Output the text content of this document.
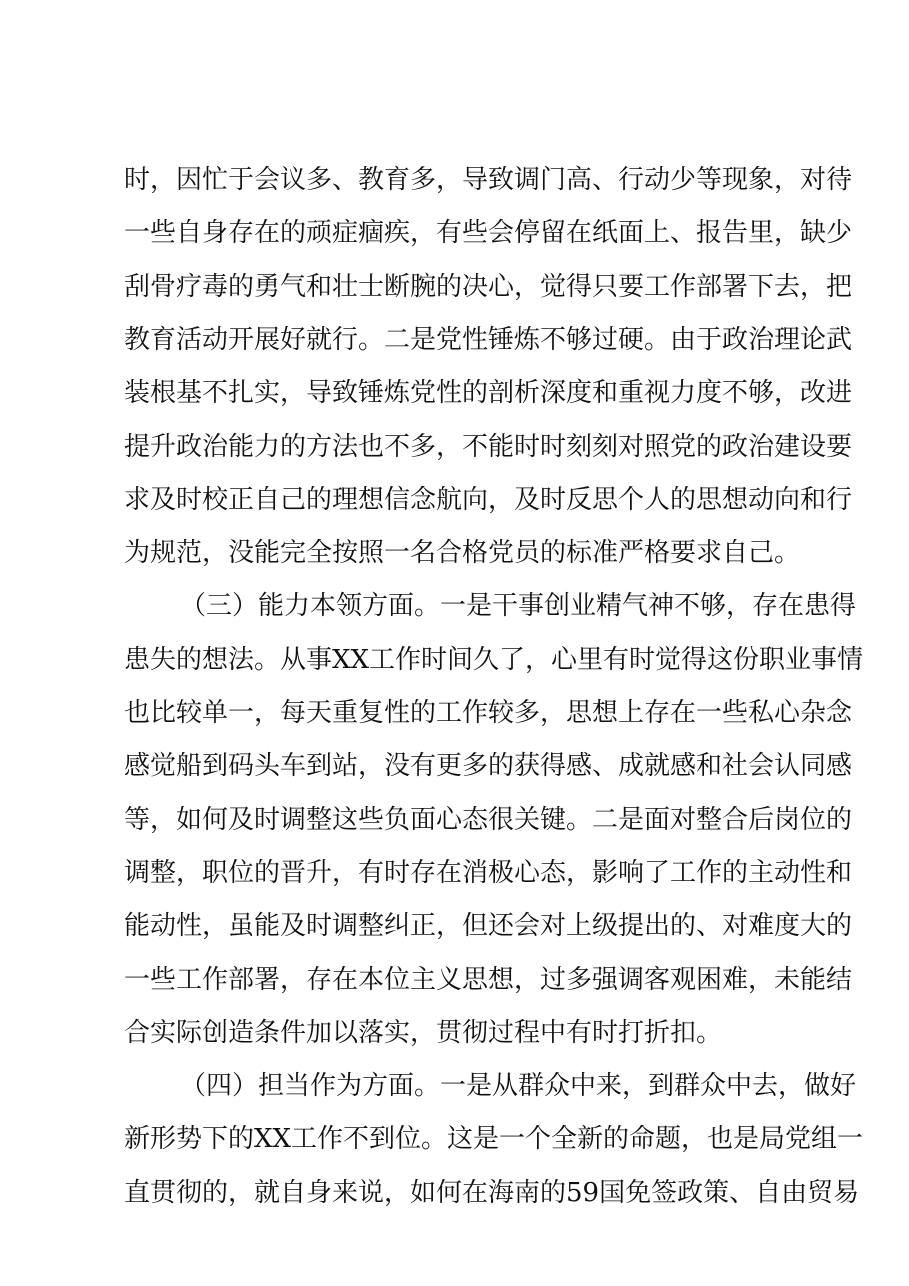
时，因忙于会议多、教育多，导致调门高、行动少等现象，对待
一些自身存在的顽症痼疾，有些会停留在纸面上、报告里，缺少
刮骨疗毒的勇气和壮士断腕的决心，觉得只要工作部署下去，把
教育活动开展好就行。二是党性锤炼不够过硬。由于政治理论武
装根基不扎实，导致锤炼党性的剖析深度和重视力度不够，改进
提升政治能力的方法也不多，不能时时刻刻对照党的政治建设要
求及时校正自己的理想信念航向，及时反思个人的思想动向和行
为规范，没能完全按照一名合格党员的标准严格要求自己。
（三）能力本领方面。一是干事创业精气神不够，存在患得
患失的想法。从事XX工作时间久了，心里有时觉得这份职业事情
也比较单一，每天重复性的工作较多，思想上存在一些私心杂念
感觉船到码头车到站，没有更多的获得感、成就感和社会认同感
等，如何及时调整这些负面心态很关键。二是面对整合后岗位的
调整，职位的晋升，有时存在消极心态，影响了工作的主动性和
能动性，虽能及时调整纠正，但还会对上级提出的、对难度大的
一些工作部署，存在本位主义思想，过多强调客观困难，未能结
合实际创造条件加以落实，贯彻过程中有时打折扣。
（四）担当作为方面。一是从群众中来，到群众中去，做好
新形势下的XX工作不到位。这是一个全新的命题，也是局党组一
直贯彻的，就自身来说，如何在海南的59国免签政策、自由贸易
